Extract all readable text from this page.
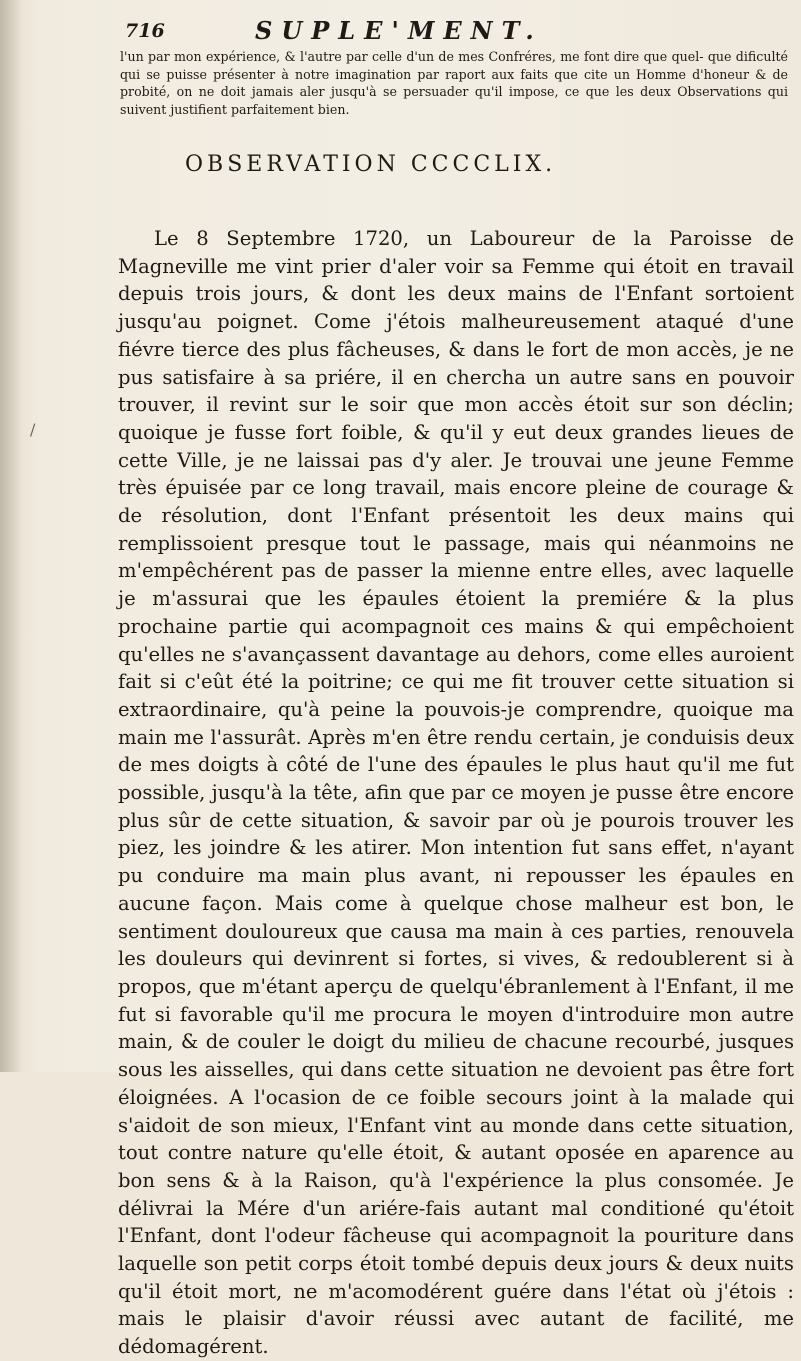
/
716	SUPLE'MENT.
l'un par mon expérience, & l'autre par celle d'un de mes Confréres, me font dire que quel- que dificulté qui se puisse présenter à notre imagination par raport aux faits que cite un Homme d'honeur & de probité, on ne doit jamais aler jusqu'à se persuader qu'il impose, ce que les deux Observations qui suivent justifient parfaitement bien.
OBSERVATION CCCCLIX.

Le 8 Septembre 1720, un Laboureur de la Paroisse de Magneville me vint prier d'aler voir sa Femme qui étoit en travail depuis trois jours, & dont les deux mains de l'Enfant sortoient jusqu'au poignet. Come j'étois malheureusement ataqué d'une fiévre tierce des plus fâcheuses, & dans le fort de mon accès, je ne pus satisfaire à sa priére, il en chercha un autre sans en pouvoir trouver, il revint sur le soir que mon accès étoit sur son déclin; quoique je fusse fort foible, & qu'il y eut deux grandes lieues de cette Ville, je ne laissai pas d'y aler. Je trouvai une jeune Femme très épuisée par ce long travail, mais encore pleine de courage & de résolution, dont l'Enfant présentoit les deux mains qui remplissoient presque tout le passage, mais qui néanmoins ne m'empêchérent pas de passer la mienne entre elles, avec laquelle je m'assurai que les épaules étoient la premiére & la plus prochaine partie qui acompagnoit ces mains & qui empêchoient qu'elles ne s'avançassent davantage au dehors, come elles auroient fait si c'eût été la poitrine; ce qui me fit trouver cette situation si extraordinaire, qu'à peine la pouvois-je comprendre, quoique ma main me l'assurât. Après m'en être rendu certain, je conduisis deux de mes doigts à côté de l'une des épaules le plus haut qu'il me fut possible, jusqu'à la tête, afin que par ce moyen je pusse être encore plus sûr de cette situation, & savoir par où je pourois trouver les piez, les joindre & les atirer. Mon intention fut sans effet, n'ayant pu conduire ma main plus avant, ni repousser les épaules en aucune façon. Mais come à quelque chose malheur est bon, le sentiment douloureux que causa ma main à ces parties, renouvela les douleurs qui devinrent si fortes, si vives, & redoublerent si à propos, que m'étant aperçu de quelqu'ébranlement à l'Enfant, il me fut si favorable qu'il me procura le moyen d'introduire mon autre main, & de couler le doigt du milieu de chacune recourbé, jusques sous les aisselles, qui dans cette situation ne devoient pas être fort éloignées. A l'ocasion de ce foible secours joint à la malade qui s'aidoit de son mieux, l'Enfant vint au monde dans cette situation, tout contre nature qu'elle étoit, & autant oposée en aparence au bon sens & à la Raison, qu'à l'expérience la plus consomée. Je délivrai la Mére d'un ariére-fais autant mal conditioné qu'étoit l'Enfant, dont l'odeur fâcheuse qui acompagnoit la pouriture dans laquelle son petit corps étoit tombé depuis deux jours & deux nuits qu'il étoit mort, ne m'acomodérent guére dans l'état où j'étois : mais le plaisir d'avoir réussi avec autant de facilité, me dédomagérent.
